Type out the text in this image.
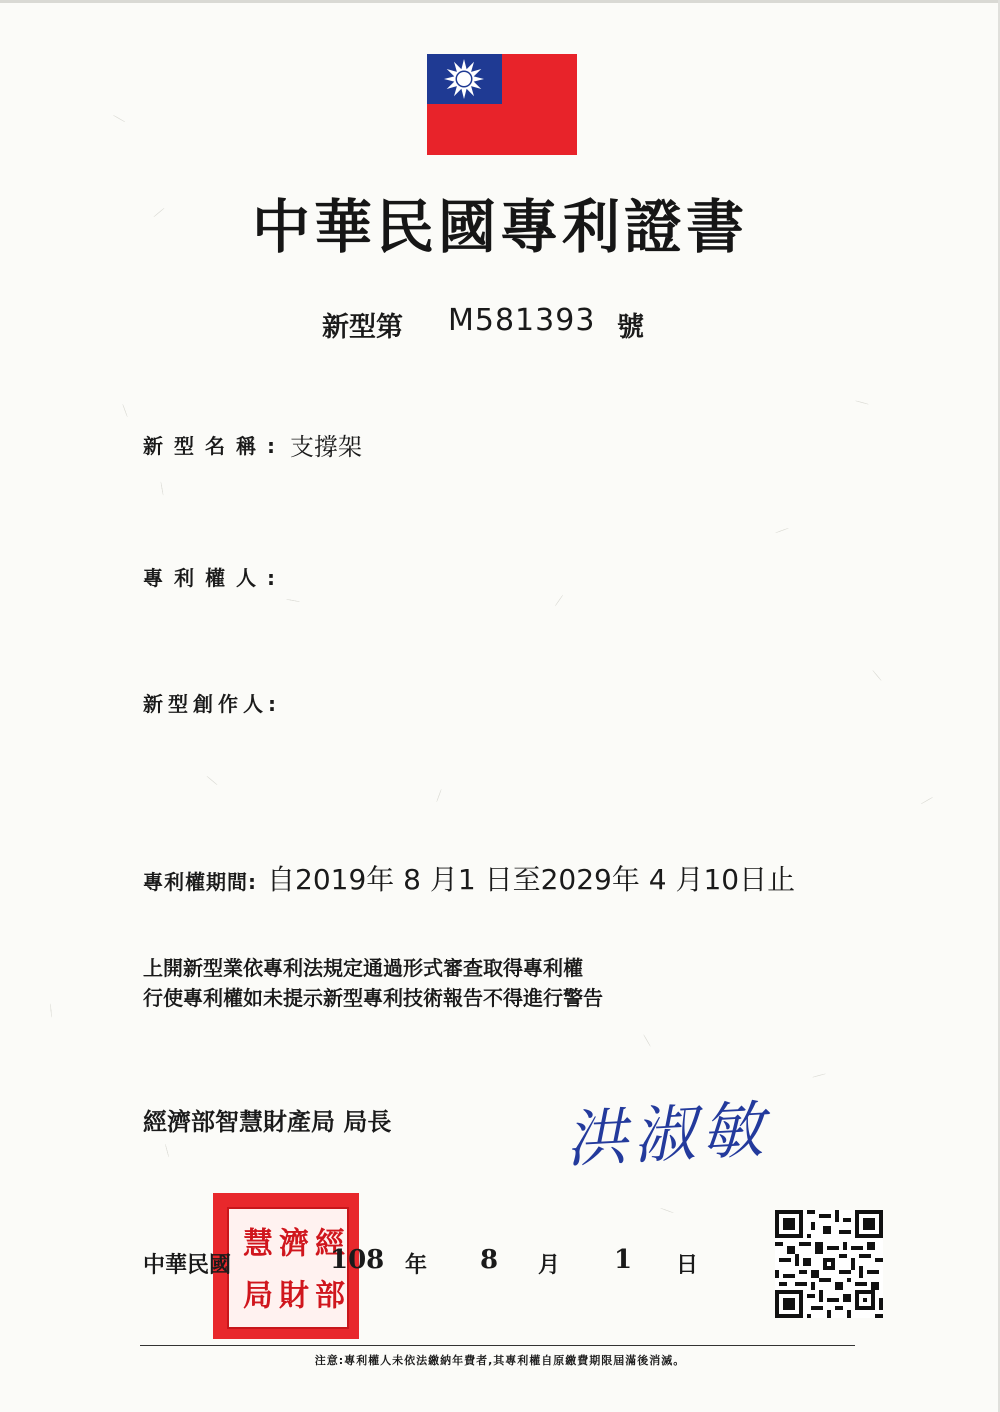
中華民國專利證書
新型第 M581393 號
新型名稱: 支撐架
專利權人:
新型創作人:
專利權期間: 自2019年 8 月1 日至2029年 4 月10日止
上開新型業依專利法規定通過形式審查取得專利權
行使專利權如未提示新型專利技術報告不得進行警告
經濟部智慧財產局 局長	洪淑敏
慧 濟 經
局 財 部
中華民國	108 年 8 月 1 日
注意:專利權人未依法繳納年費者,其專利權自原繳費期限屆滿後消滅。
